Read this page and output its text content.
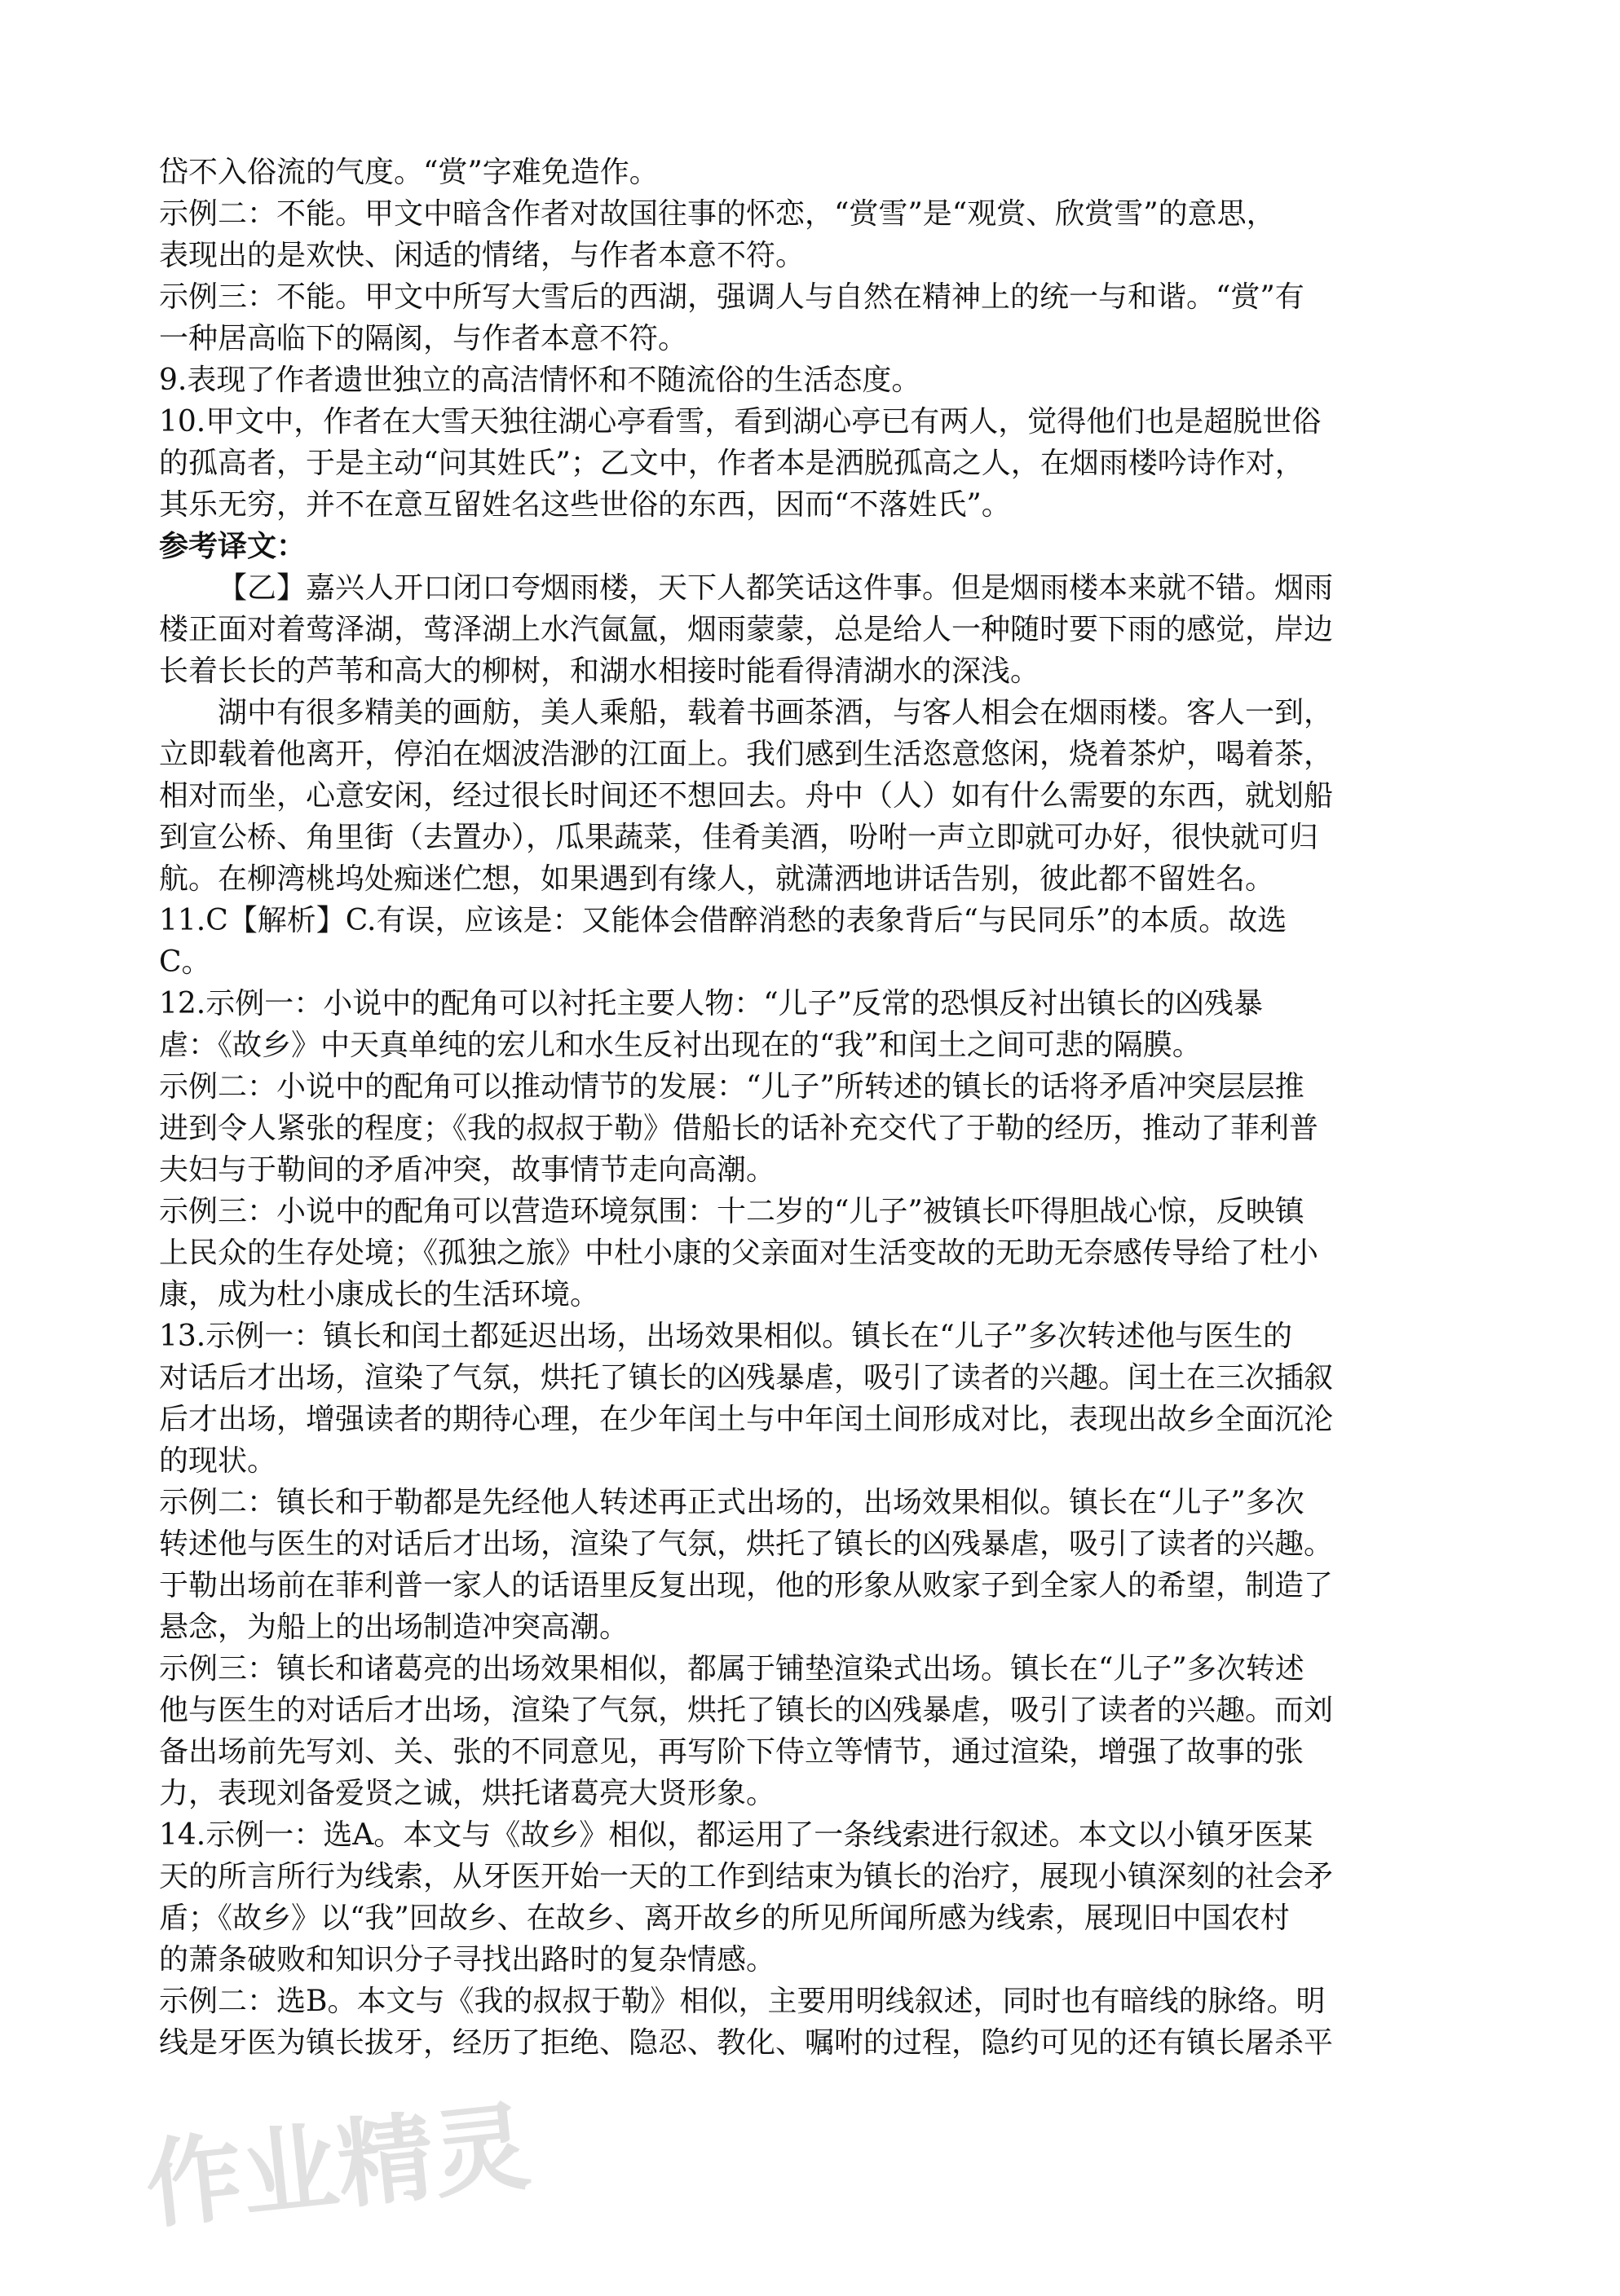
岱不入俗流的气度。“赏”字难免造作。

示例二：不能。甲文中暗含作者对故国往事的怀恋，“赏雪”是“观赏、欣赏雪”的意思，

表现出的是欢快、闲适的情绪，与作者本意不符。

示例三：不能。甲文中所写大雪后的西湖，强调人与自然在精神上的统一与和谐。“赏”有

一种居高临下的隔阂，与作者本意不符。

9.表现了作者遗世独立的高洁情怀和不随流俗的生活态度。

10.甲文中，作者在大雪天独往湖心亭看雪，看到湖心亭已有两人，觉得他们也是超脱世俗

的孤高者，于是主动“问其姓氏”；乙文中，作者本是洒脱孤高之人，在烟雨楼吟诗作对，

其乐无穷，并不在意互留姓名这些世俗的东西，因而“不落姓氏”。

参考译文：

【乙】嘉兴人开口闭口夸烟雨楼，天下人都笑话这件事。但是烟雨楼本来就不错。烟雨

楼正面对着莺泽湖，莺泽湖上水汽氤氲，烟雨蒙蒙，总是给人一种随时要下雨的感觉，岸边

长着长长的芦苇和高大的柳树，和湖水相接时能看得清湖水的深浅。

湖中有很多精美的画舫，美人乘船，载着书画茶酒，与客人相会在烟雨楼。客人一到，

立即载着他离开，停泊在烟波浩渺的江面上。我们感到生活恣意悠闲，烧着茶炉，喝着茶，

相对而坐，心意安闲，经过很长时间还不想回去。舟中（人）如有什么需要的东西，就划船

到宣公桥、角里街（去置办），瓜果蔬菜，佳肴美酒，吩咐一声立即就可办好，很快就可归

航。在柳湾桃坞处痴迷伫想，如果遇到有缘人，就潇洒地讲话告别，彼此都不留姓名。

11.C【解析】C.有误，应该是：又能体会借醉消愁的表象背后“与民同乐”的本质。故选

C。

12.示例一：小说中的配角可以衬托主要人物：“儿子”反常的恐惧反衬出镇长的凶残暴

虐：《故乡》中天真单纯的宏儿和水生反衬出现在的“我”和闰土之间可悲的隔膜。

示例二：小说中的配角可以推动情节的发展：“儿子”所转述的镇长的话将矛盾冲突层层推

进到令人紧张的程度；《我的叔叔于勒》借船长的话补充交代了于勒的经历，推动了菲利普

夫妇与于勒间的矛盾冲突，故事情节走向高潮。

示例三：小说中的配角可以营造环境氛围：十二岁的“儿子”被镇长吓得胆战心惊，反映镇

上民众的生存处境；《孤独之旅》中杜小康的父亲面对生活变故的无助无奈感传导给了杜小

康，成为杜小康成长的生活环境。

13.示例一：镇长和闰土都延迟出场，出场效果相似。镇长在“儿子”多次转述他与医生的

对话后才出场，渲染了气氛，烘托了镇长的凶残暴虐，吸引了读者的兴趣。闰土在三次插叙

后才出场，增强读者的期待心理，在少年闰土与中年闰土间形成对比，表现出故乡全面沉沦

的现状。

示例二：镇长和于勒都是先经他人转述再正式出场的，出场效果相似。镇长在“儿子”多次

转述他与医生的对话后才出场，渲染了气氛，烘托了镇长的凶残暴虐，吸引了读者的兴趣。

于勒出场前在菲利普一家人的话语里反复出现，他的形象从败家子到全家人的希望，制造了

悬念，为船上的出场制造冲突高潮。

示例三：镇长和诸葛亮的出场效果相似，都属于铺垫渲染式出场。镇长在“儿子”多次转述

他与医生的对话后才出场，渲染了气氛，烘托了镇长的凶残暴虐，吸引了读者的兴趣。而刘

备出场前先写刘、关、张的不同意见，再写阶下侍立等情节，通过渲染，增强了故事的张

力，表现刘备爱贤之诚，烘托诸葛亮大贤形象。

14.示例一：选A。本文与《故乡》相似，都运用了一条线索进行叙述。本文以小镇牙医某

天的所言所行为线索，从牙医开始一天的工作到结束为镇长的治疗，展现小镇深刻的社会矛

盾；《故乡》以“我”回故乡、在故乡、离开故乡的所见所闻所感为线索，展现旧中国农村

的萧条破败和知识分子寻找出路时的复杂情感。

示例二：选B。本文与《我的叔叔于勒》相似，主要用明线叙述，同时也有暗线的脉络。明

线是牙医为镇长拔牙，经历了拒绝、隐忍、教化、嘱咐的过程，隐约可见的还有镇长屠杀平

作业精灵
